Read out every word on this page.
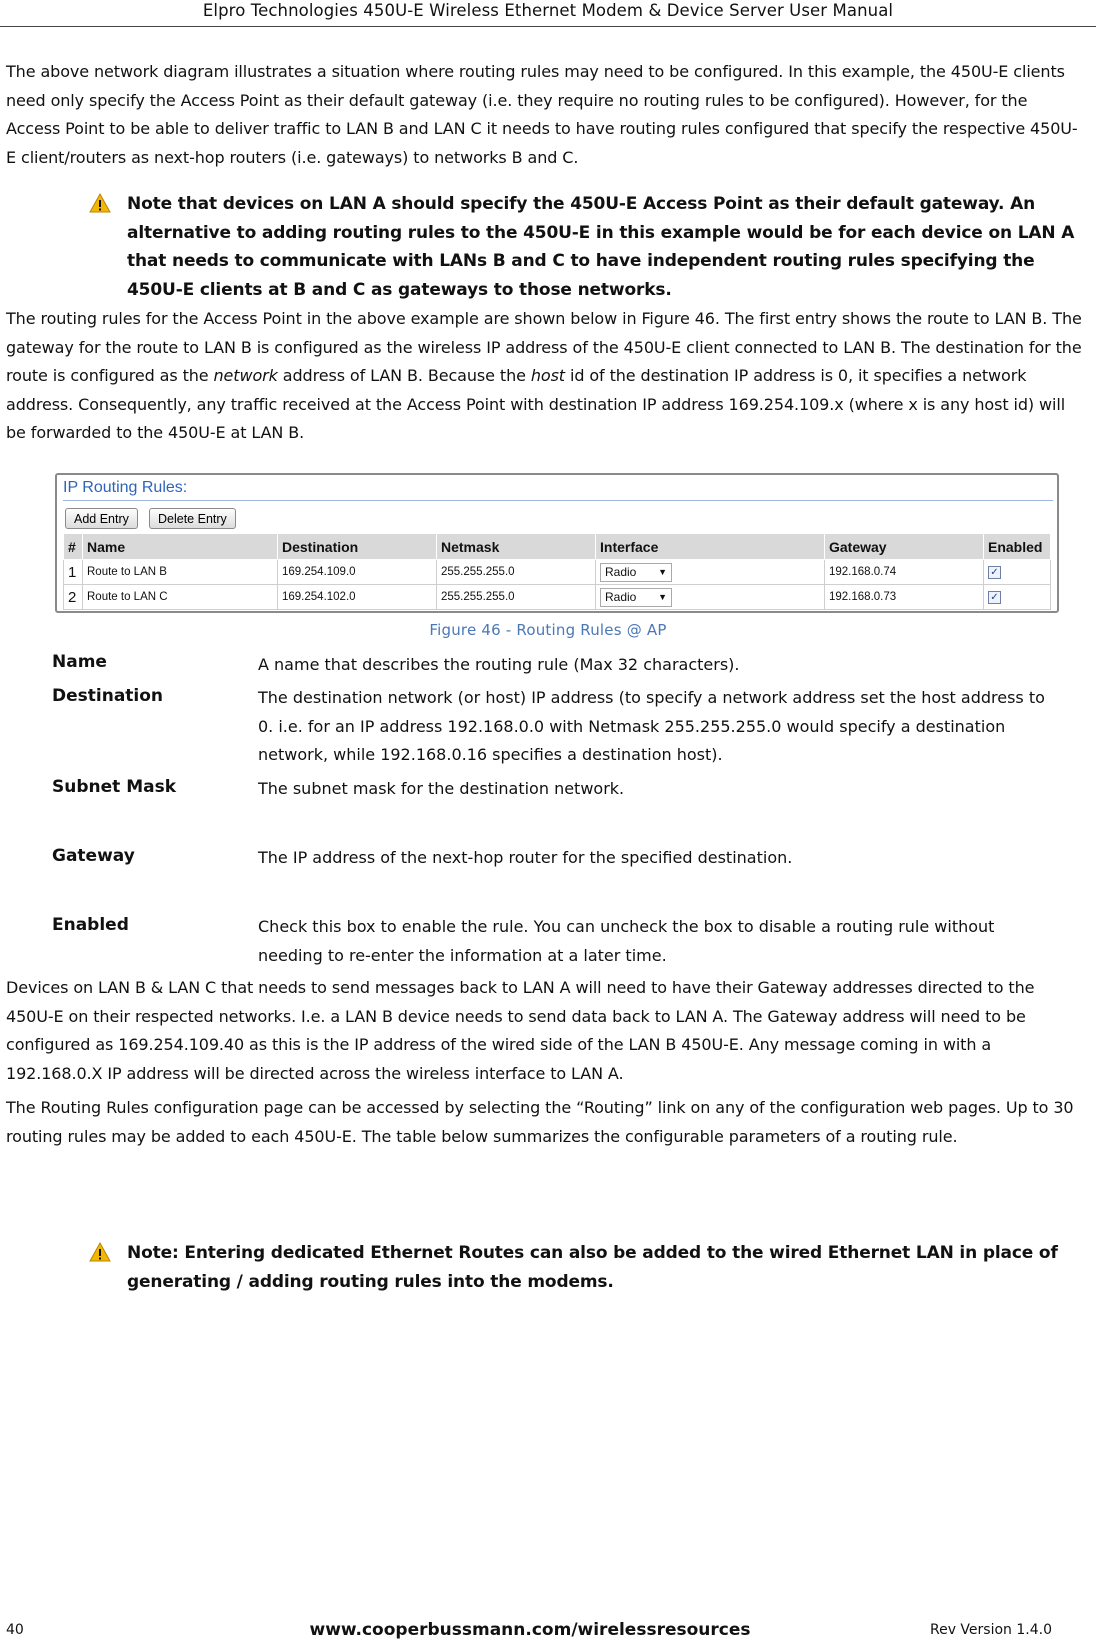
Elpro Technologies 450U-E Wireless Ethernet Modem & Device Server User Manual

The above network diagram illustrates a situation where routing rules may need to be configured. In this example, the 450U-E clients need only specify the Access Point as their default gateway (i.e. they require no routing rules to be configured). However, for the Access Point to be able to deliver traffic to LAN B and LAN C it needs to have routing rules configured that specify the respective 450U-E client/routers as next-hop routers (i.e. gateways) to networks B and C.

Note that devices on LAN A should specify the 450U-E Access Point as their default gateway. An alternative to adding routing rules to the 450U-E in this example would be for each device on LAN A that needs to communicate with LANs B and C to have independent routing rules specifying the 450U-E clients at B and C as gateways to those networks.

The routing rules for the Access Point in the above example are shown below in Figure 46. The first entry shows the route to LAN B. The gateway for the route to LAN B is configured as the wireless IP address of the 450U-E client connected to LAN B. The destination for the route is configured as the network address of LAN B. Because the host id of the destination IP address is 0, it specifies a network address. Consequently, any traffic received at the Access Point with destination IP address 169.254.109.x (where x is any host id) will be forwarded to the 450U-E at LAN B.

IP Routing Rules:
Add Entry	Delete Entry
#	Name	Destination	Netmask	Interface	Gateway	Enabled
1	Route to LAN B	169.254.109.0	255.255.255.0	Radio ▼	192.168.0.74	✓
2	Route to LAN C	169.254.102.0	255.255.255.0	Radio ▼	192.168.0.73	✓
Figure 46 - Routing Rules @ AP
Name	A name that describes the routing rule (Max 32 characters).

Destination	The destination network (or host) IP address (to specify a network address set the host address to 0. i.e. for an IP address 192.168.0.0 with Netmask 255.255.255.0 would specify a destination network, while 192.168.0.16 specifies a destination host).

Subnet Mask	The subnet mask for the destination network.

Gateway	The IP address of the next-hop router for the specified destination.

Enabled	Check this box to enable the rule. You can uncheck the box to disable a routing rule without needing to re-enter the information at a later time.

Devices on LAN B & LAN C that needs to send messages back to LAN A will need to have their Gateway addresses directed to the 450U-E on their respected networks. I.e. a LAN B device needs to send data back to LAN A. The Gateway address will need to be configured as 169.254.109.40 as this is the IP address of the wired side of the LAN B 450U-E. Any message coming in with a 192.168.0.X IP address will be directed across the wireless interface to LAN A.

The Routing Rules configuration page can be accessed by selecting the “Routing” link on any of the configuration web pages. Up to 30 routing rules may be added to each 450U-E. The table below summarizes the configurable parameters of a routing rule.

Note: Entering dedicated Ethernet Routes can also be added to the wired Ethernet LAN in place of generating / adding routing rules into the modems.

40	www.cooperbussmann.com/wirelessresources	Rev Version 1.4.0
